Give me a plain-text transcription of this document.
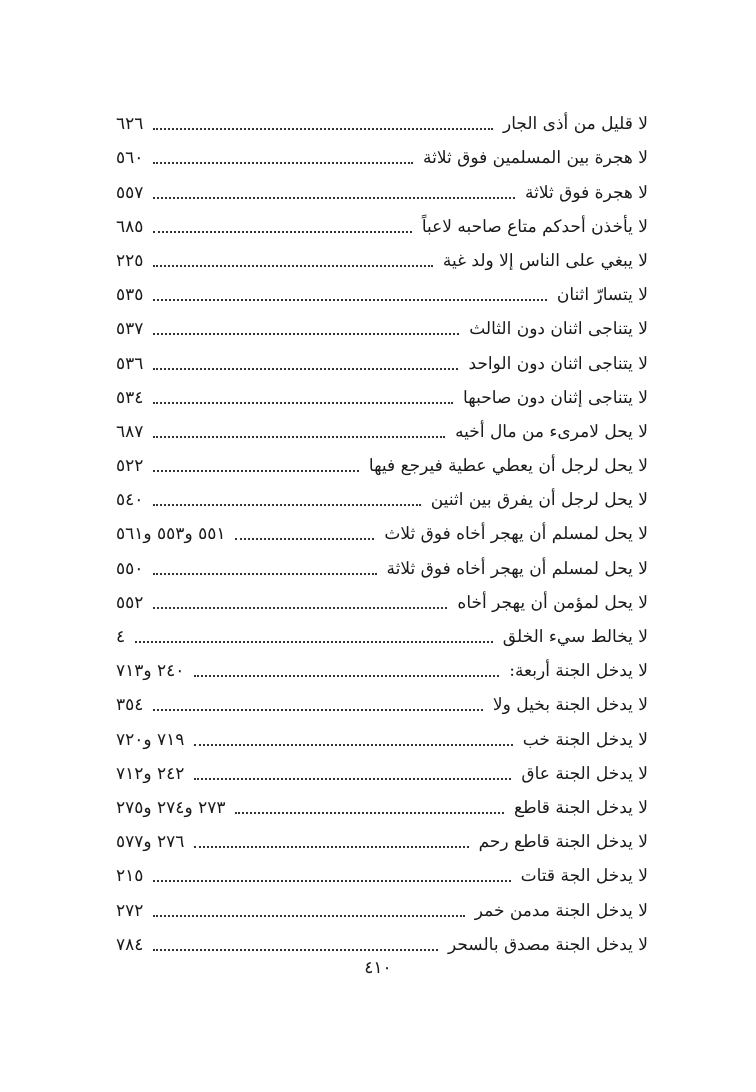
لا قليل من أذى الجار
٦٢٦
لا هجرة بين المسلمين فوق ثلاثة
٥٦٠
لا هجرة فوق ثلاثة
٥٥٧
لا يأخذن أحدكم متاع صاحبه لاعباً
٦٨٥
لا يبغي على الناس إلا ولد غية
٢٢٥
لا يتسارّ اثنان
٥٣٥
لا يتناجى اثنان دون الثالث
٥٣٧
لا يتناجى اثنان دون الواحد
٥٣٦
لا يتناجى إثنان دون صاحبها
٥٣٤
لا يحل لامرىء من مال أخيه
٦٨٧
لا يحل لرجل أن يعطي عطية فيرجع فيها
٥٢٢
لا يحل لرجل أن يفرق بين اثنين
٥٤٠
لا يحل لمسلم أن يهجر أخاه فوق ثلاث
٥٥١ و٥٥٣ و٥٦١
لا يحل لمسلم أن يهجر أخاه فوق ثلاثة
٥٥٠
لا يحل لمؤمن أن يهجر أخاه
٥٥٢
لا يخالط سيء الخلق
٤
لا يدخل الجنة أربعة:
٢٤٠ و٧١٣
لا يدخل الجنة بخيل ولا
٣٥٤
لا يدخل الجنة خب
٧١٩ و٧٢٠
لا يدخل الجنة عاق
٢٤٢ و٧١٢
لا يدخل الجنة قاطع
٢٧٣ و٢٧٤ و٢٧٥
لا يدخل الجنة قاطع رحم
٢٧٦ و٥٧٧
لا يدخل الجة قتات
٢١٥
لا يدخل الجنة مدمن خمر
٢٧٢
لا يدخل الجنة مصدق بالسحر
٧٨٤
٤١٠
